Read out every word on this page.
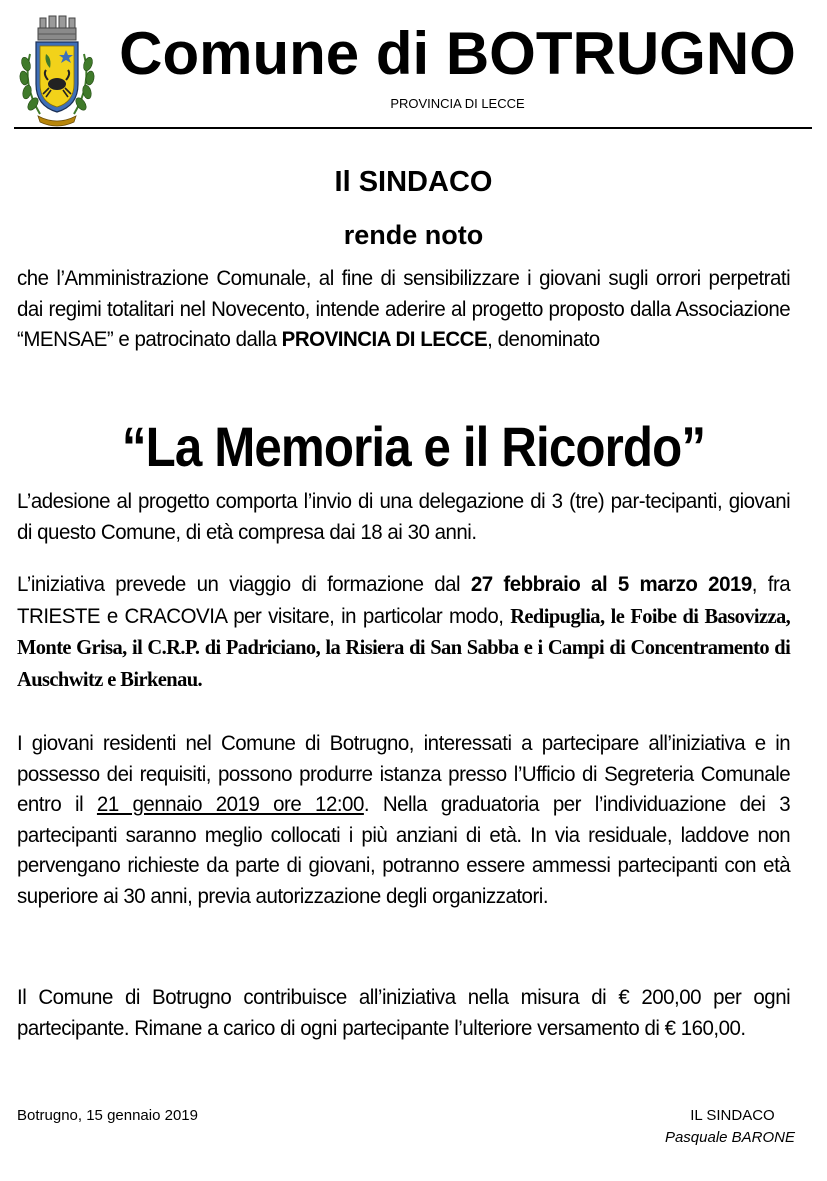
Comune di BOTRUGNO

PROVINCIA DI LECCE

Il SINDACO
rende noto

che l’Amministrazione Comunale, al fine di sensibilizzare i giovani sugli orrori perpetrati dai regimi totalitari nel Novecento, intende aderire al progetto proposto dalla Associazione “MENSAE” e patrocinato dalla PROVINCIA DI LECCE, denominato

“La Memoria e il Ricordo”

L’adesione al progetto comporta l’invio di una delegazione di 3 (tre) par-tecipanti, giovani di questo Comune, di età compresa dai 18 ai 30 anni.

L’iniziativa prevede un viaggio di formazione dal 27 febbraio al 5 marzo 2019, fra TRIESTE e CRACOVIA per visitare, in particolar modo, Redipuglia, le Foibe di Basovizza, Monte Grisa, il C.R.P. di Padriciano, la Risiera di San Sabba e i Campi di Concentramento di Auschwitz e Birkenau.

I giovani residenti nel Comune di Botrugno, interessati a partecipare all’iniziativa e in possesso dei requisiti, possono produrre istanza presso l’Ufficio di Segreteria Comunale entro il 21 gennaio 2019 ore 12:00. Nella graduatoria per l’individuazione dei 3 partecipanti saranno meglio collocati i più anziani di età. In via residuale, laddove non pervengano richieste da parte di giovani, potranno essere ammessi partecipanti con età superiore ai 30 anni, previa autorizzazione degli organizzatori.

Il Comune di Botrugno contribuisce all’iniziativa nella misura di € 200,00 per ogni partecipante. Rimane a carico di ogni partecipante l’ulteriore versamento di € 160,00.

Botrugno, 15 gennaio 2019	IL SINDACO

Pasquale BARONE
